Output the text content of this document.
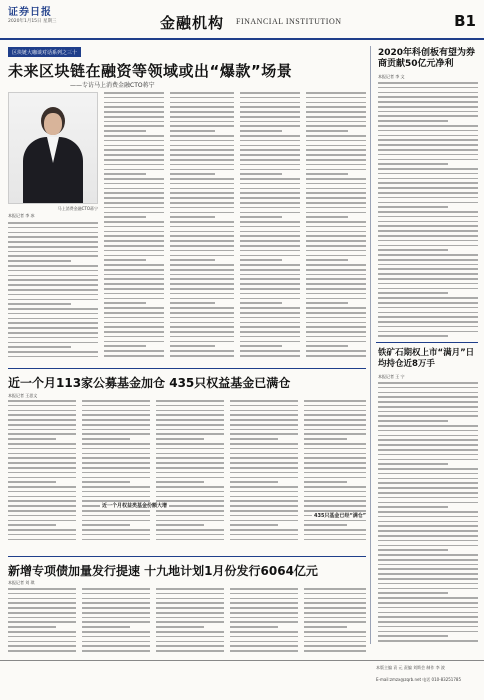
证券日报
2020年1月15日 星期三	金融机构 FINANCIAL INSTITUTION	B1
区块链大咖谈对话系列之三十
未来区块链在融资等领域或出“爆款”场景
——专访马上消费金融CTO蒋宁
马上消费金融CTO蒋宁
本报记者 李 冰
近一个月113家公募基金加仓 435只权益基金已满仓
本报记者 王思文
近一个月权益类基金份额大增
435只基金已经“满仓”
新增专项债加量发行提速 十九地计划1月份发行6064亿元
本报记者 刘 琪
2020年科创板有望为券商贡献50亿元净利
本报记者 李 文
铁矿石期权上市“满月”日均持仓近8万手
本报记者 王 宁
本版主编 袁 元 责编 刘斯会 制作 李 波
E-mail:zmzx@zqrb.net 电话 010-83251785
